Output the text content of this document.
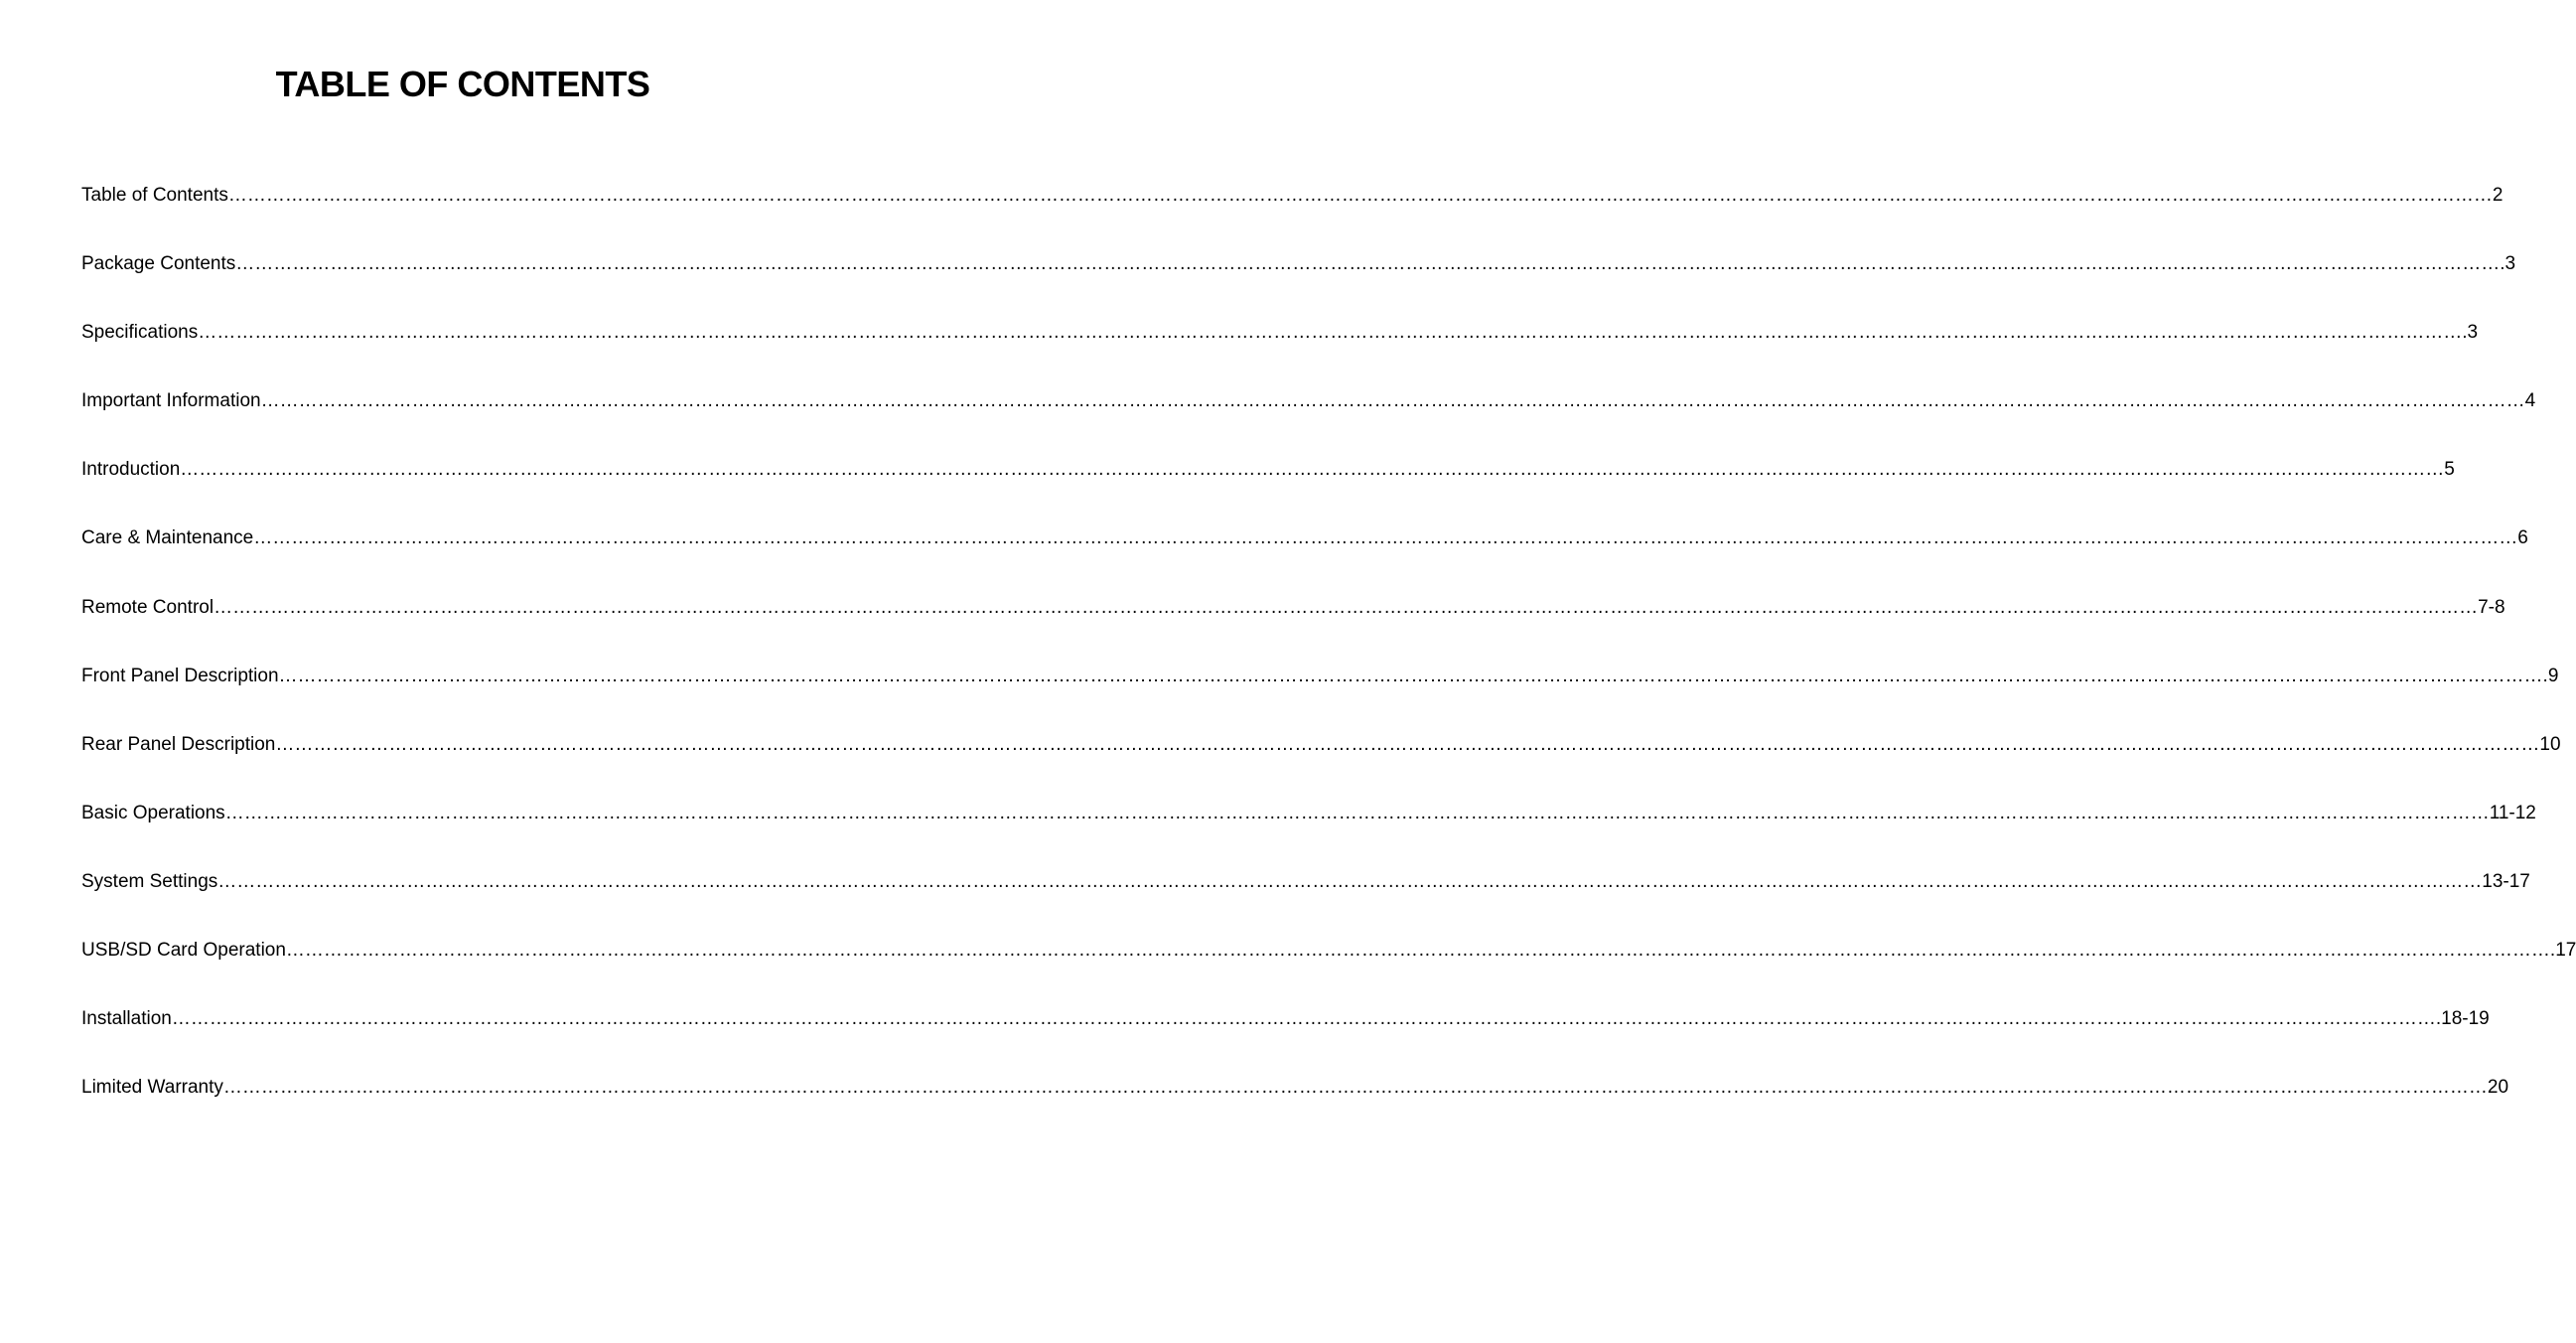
TABLE OF CONTENTS
Table of Contents ……………………………………………………………………………………………………………………………………………………………………………………………………………………………………………………………………………………………………………………………… 2
Package Contents ……………………………………………………………………………………………………………………………………………………………………………………………………………………………………………………………………………………………………………………………… .3
Specifications ……………………………………………………………………………………………………………………………………………………………………………………………………………………………………………………………………………………………………………………………… .3
Important Information ……………………………………………………………………………………………………………………………………………………………………………………………………………………………………………………………………………………………………………………………… 4
Introduction ……………………………………………………………………………………………………………………………………………………………………………………………………………………………………………………………………………………………………………………………… 5
Care & Maintenance ……………………………………………………………………………………………………………………………………………………………………………………………………………………………………………………………………………………………………………………………… 6
Remote Control ……………………………………………………………………………………………………………………………………………………………………………………………………………………………………………………………………………………………………………………………… 7-8
Front Panel Description ……………………………………………………………………………………………………………………………………………………………………………………………………………………………………………………………………………………………………………………………… .9
Rear Panel Description ……………………………………………………………………………………………………………………………………………………………………………………………………………………………………………………………………………………………………………………………… 10
Basic Operations ……………………………………………………………………………………………………………………………………………………………………………………………………………………………………………………………………………………………………………………………… 11-12
System Settings ……………………………………………………………………………………………………………………………………………………………………………………………………………………………………………………………………………………………………………………………… 13-17
USB/SD Card Operation ……………………………………………………………………………………………………………………………………………………………………………………………………………………………………………………………………………………………………………………………… .17
Installation ……………………………………………………………………………………………………………………………………………………………………………………………………………………………………………………………………………………………………………………………… .18-19
Limited Warranty ……………………………………………………………………………………………………………………………………………………………………………………………………………………………………………………………………………………………………………………………… 20
